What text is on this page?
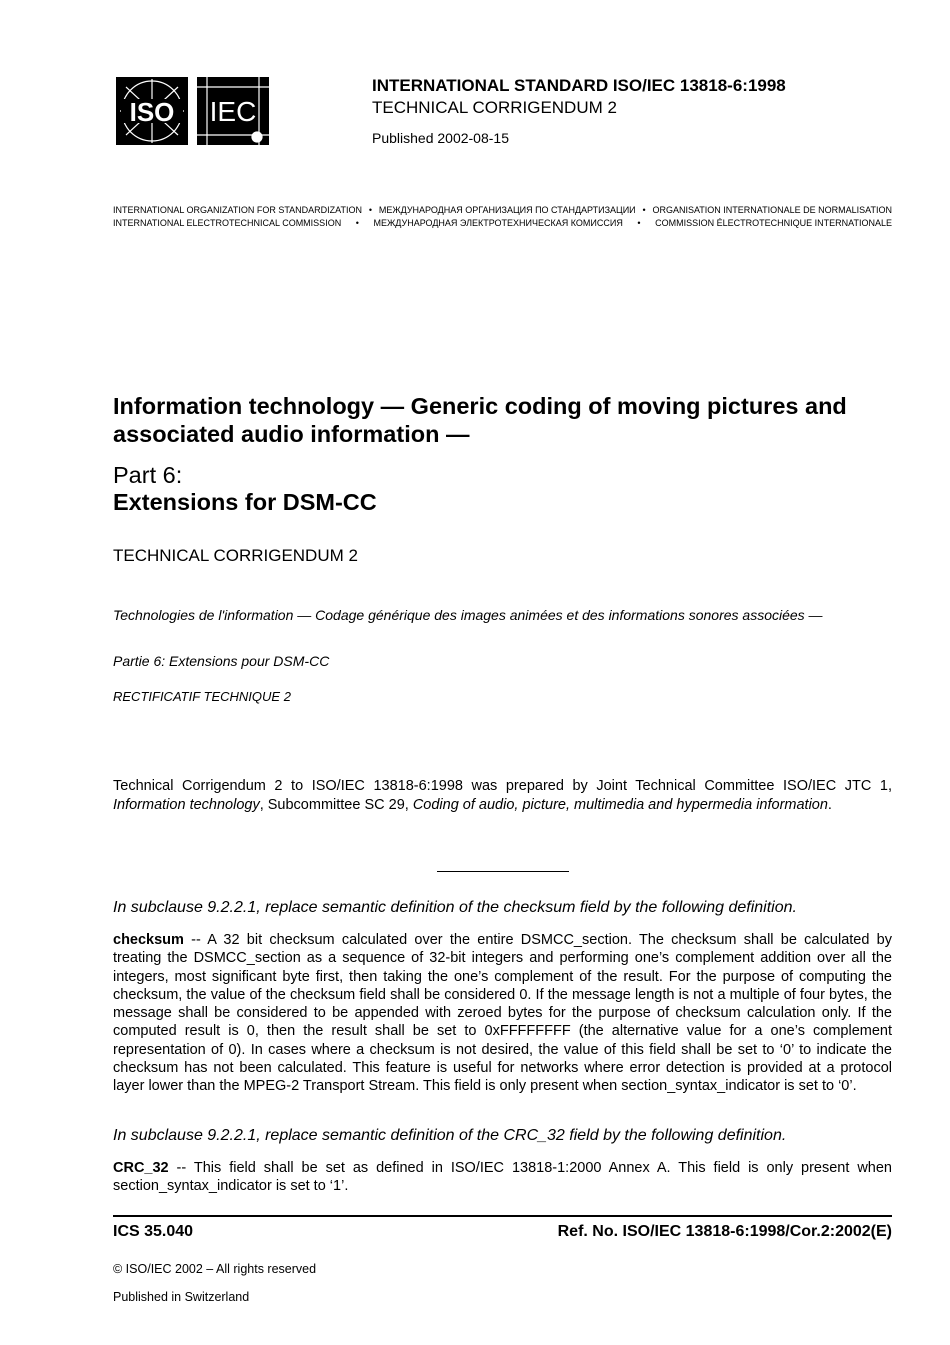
ISO IEC
INTERNATIONAL STANDARD ISO/IEC 13818-6:1998
TECHNICAL CORRIGENDUM 2
Published 2002-08-15
INTERNATIONAL ORGANIZATION FOR STANDARDIZATION • МЕЖДУНАРОДНАЯ ОРГАНИЗАЦИЯ ПО СТАНДАРТИЗАЦИИ • ORGANISATION INTERNATIONALE DE NORMALISATION
INTERNATIONAL ELECTROTECHNICAL COMMISSION • МЕЖДУНАРОДНАЯ ЭЛЕКТРОТЕХНИЧЕСКАЯ КОМИССИЯ • COMMISSION ÉLECTROTECHNIQUE INTERNATIONALE
Information technology — Generic coding of moving pictures and associated audio information —
Part 6:
Extensions for DSM-CC
TECHNICAL CORRIGENDUM 2
Technologies de l'information — Codage générique des images animées et des informations sonores associées —
Partie 6: Extensions pour DSM-CC
RECTIFICATIF TECHNIQUE 2
Technical Corrigendum 2 to ISO/IEC 13818-6:1998 was prepared by Joint Technical Committee ISO/IEC JTC 1, Information technology, Subcommittee SC 29, Coding of audio, picture, multimedia and hypermedia information.
In subclause 9.2.2.1, replace semantic definition of the checksum field by the following definition.
checksum -- A 32 bit checksum calculated over the entire DSMCC_section. The checksum shall be calculated by treating the DSMCC_section as a sequence of 32-bit integers and performing one’s complement addition over all the integers, most significant byte first, then taking the one’s complement of the result. For the purpose of computing the checksum, the value of the checksum field shall be considered 0. If the message length is not a multiple of four bytes, the message shall be considered to be appended with zeroed bytes for the purpose of checksum calculation only. If the computed result is 0, then the result shall be set to 0xFFFFFFFF (the alternative value for a one’s complement representation of 0). In cases where a checksum is not desired, the value of this field shall be set to ‘0’ to indicate the checksum has not been calculated. This feature is useful for networks where error detection is provided at a protocol layer lower than the MPEG-2 Transport Stream. This field is only present when section_syntax_indicator is set to ‘0’.
In subclause 9.2.2.1, replace semantic definition of the CRC_32 field by the following definition.
CRC_32 -- This field shall be set as defined in ISO/IEC 13818-1:2000 Annex A. This field is only present when section_syntax_indicator is set to ‘1’.
ICS 35.040	Ref. No. ISO/IEC 13818-6:1998/Cor.2:2002(E)
© ISO/IEC 2002 – All rights reserved
Published in Switzerland
